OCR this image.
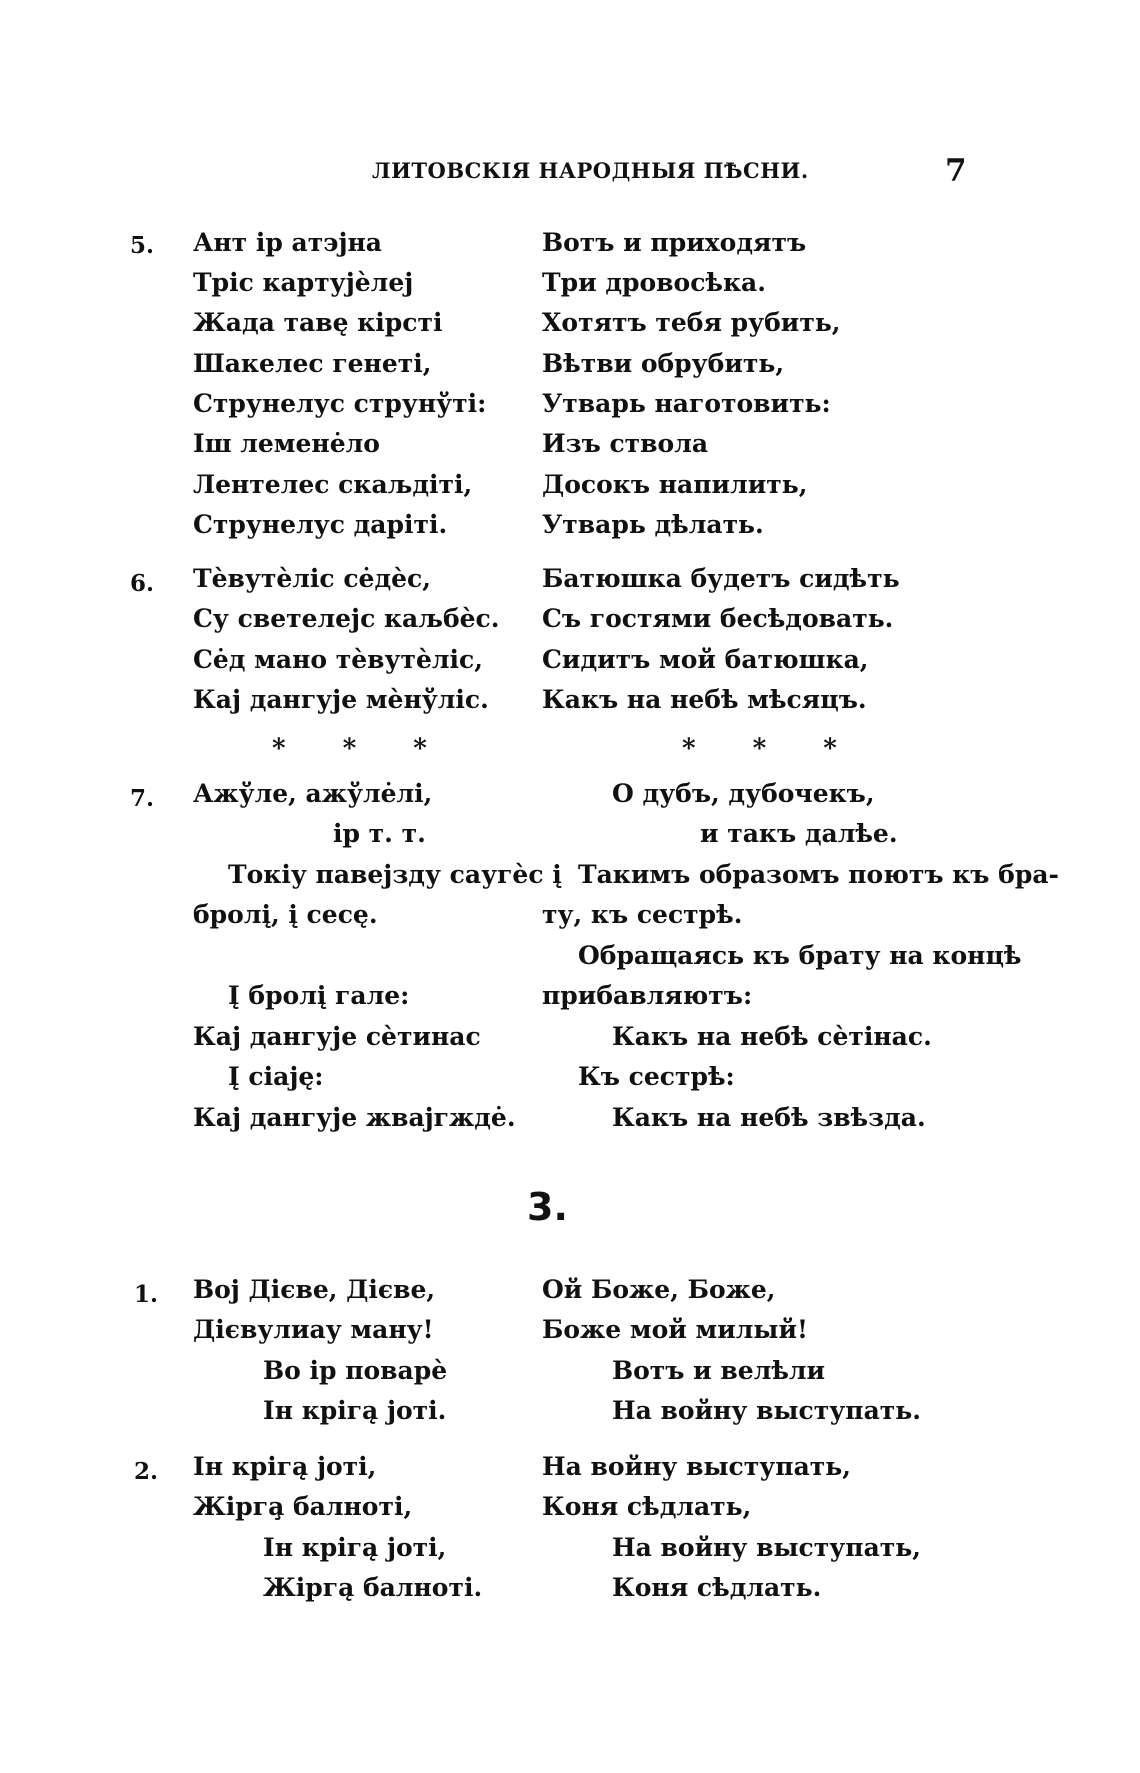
ЛИТОВСКІЯ НАРОДНЫЯ ПѢСНИ.	7
5. Ант ір атэјна
Тріс картујѐлеј
Жада тавę кірсті
Шакелес генеті,
Струнелус струнўті:
Іш лемене̇ло
Лентелес скаљдіті,
Струнелус даріті.
Вотъ и приходятъ
Три дровосѣка.
Хотятъ тебя рубить,
Вѣтви обрубить,
Утварь наготовить:
Изъ ствола
Досокъ напилить,
Утварь дѣлать.
6. Тѐвутѐліс се̇дѐс,
Су светелејс каљбѐс.
Се̇д мано тѐвутѐліс,
Кај дангује мѐнўліс.
Батюшка будетъ сидѣть
Съ гостями бесѣдовать.
Сидитъ мой батюшка,
Какъ на небѣ мѣсяцъ.
* * *	* * *
7. Ажўле, ажўле̇лі,
ір т. т.
Токіу павејзду саугѐс į
бролį, į сесę.
Į бролį гале:
Кај дангује сѐтинас
Į сіајę:
Кај дангује жвајгжде̇.
О дубъ, дубочекъ,
и такъ далѣе.
Такимъ образомъ поютъ къ бра-
ту, къ сестрѣ.
Обращаясь къ брату на концѣ
прибавляютъ:
Какъ на небѣ сѐтінас.
Къ сестрѣ:
Какъ на небѣ звѣзда.
3.
1. Воj Дієве, Дієве,
Дієвулиау ману!
Во ір поварѐ
Ін крігą јоті.
Ой Боже, Боже,
Боже мой милый!
Вотъ и велѣли
На войну выступать.
2. Ін крігą јоті,
Жірга̧ балноті,
Ін крігą јоті,
Жіргą балноті.
На войну выступать,
Коня сѣдлать,
На войну выступать,
Коня сѣдлать.
